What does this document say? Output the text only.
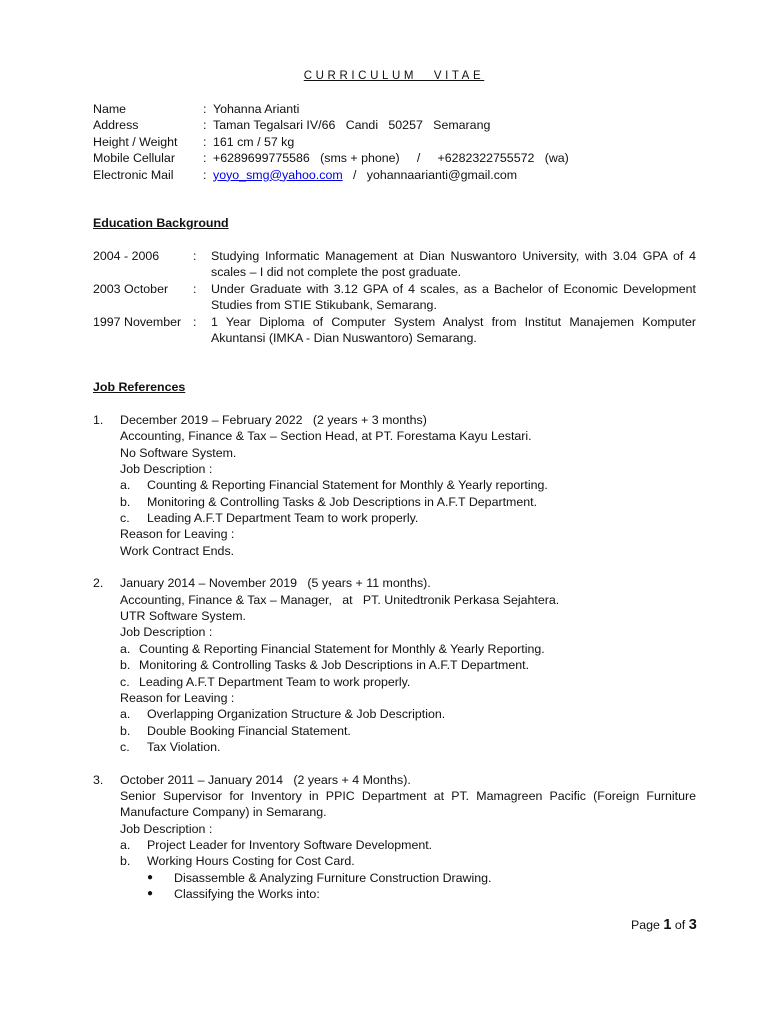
CURRICULUM VITAE
Name	: Yohanna Arianti
Address	: Taman Tegalsari IV/66   Candi   50257   Semarang
Height / Weight	: 161 cm / 57 kg
Mobile Cellular	: +6289699775586   (sms + phone)     /     +6282322755572   (wa)
Electronic Mail	: yoyo_smg@yahoo.com /   yohannaarianti@gmail.com
Education Background
2004 - 2006	:	Studying Informatic Management at Dian Nuswantoro University, with 3.04 GPA of 4 scales – I did not complete the post graduate.
2003 October	:	Under Graduate with 3.12 GPA of 4 scales, as a Bachelor of Economic Development Studies from STIE Stikubank, Semarang.
1997 November :	1 Year Diploma of Computer System Analyst from Institut Manajemen Komputer Akuntansi (IMKA - Dian Nuswantoro) Semarang.
Job References
1.	December 2019 – February 2022   (2 years + 3 months)
Accounting, Finance & Tax – Section Head, at PT. Forestama Kayu Lestari.
No Software System.
Job Description :
a.	Counting & Reporting Financial Statement for Monthly & Yearly reporting.
b.	Monitoring & Controlling Tasks & Job Descriptions in A.F.T Department.
c.	Leading A.F.T Department Team to work properly.
Reason for Leaving :
Work Contract Ends.
2.	January 2014 – November 2019   (5 years + 11 months).
Accounting, Finance & Tax – Manager,   at   PT. Unitedtronik Perkasa Sejahtera.
UTR Software System.
Job Description :
a. Counting & Reporting Financial Statement for Monthly & Yearly Reporting.
b. Monitoring & Controlling Tasks & Job Descriptions in A.F.T Department.
c. Leading A.F.T Department Team to work properly.
Reason for Leaving :
a.	Overlapping Organization Structure & Job Description.
b.	Double Booking Financial Statement.
c.	Tax Violation.
3.	October 2011 – January 2014   (2 years + 4 Months).
Senior Supervisor for Inventory in PPIC Department at PT. Mamagreen Pacific (Foreign Furniture Manufacture Company) in Semarang.
Job Description :
a.	Project Leader for Inventory Software Development.
b.	Working Hours Costing for Cost Card.
●	Disassemble & Analyzing Furniture Construction Drawing.
●	Classifying the Works into:
Page 1 of 3
